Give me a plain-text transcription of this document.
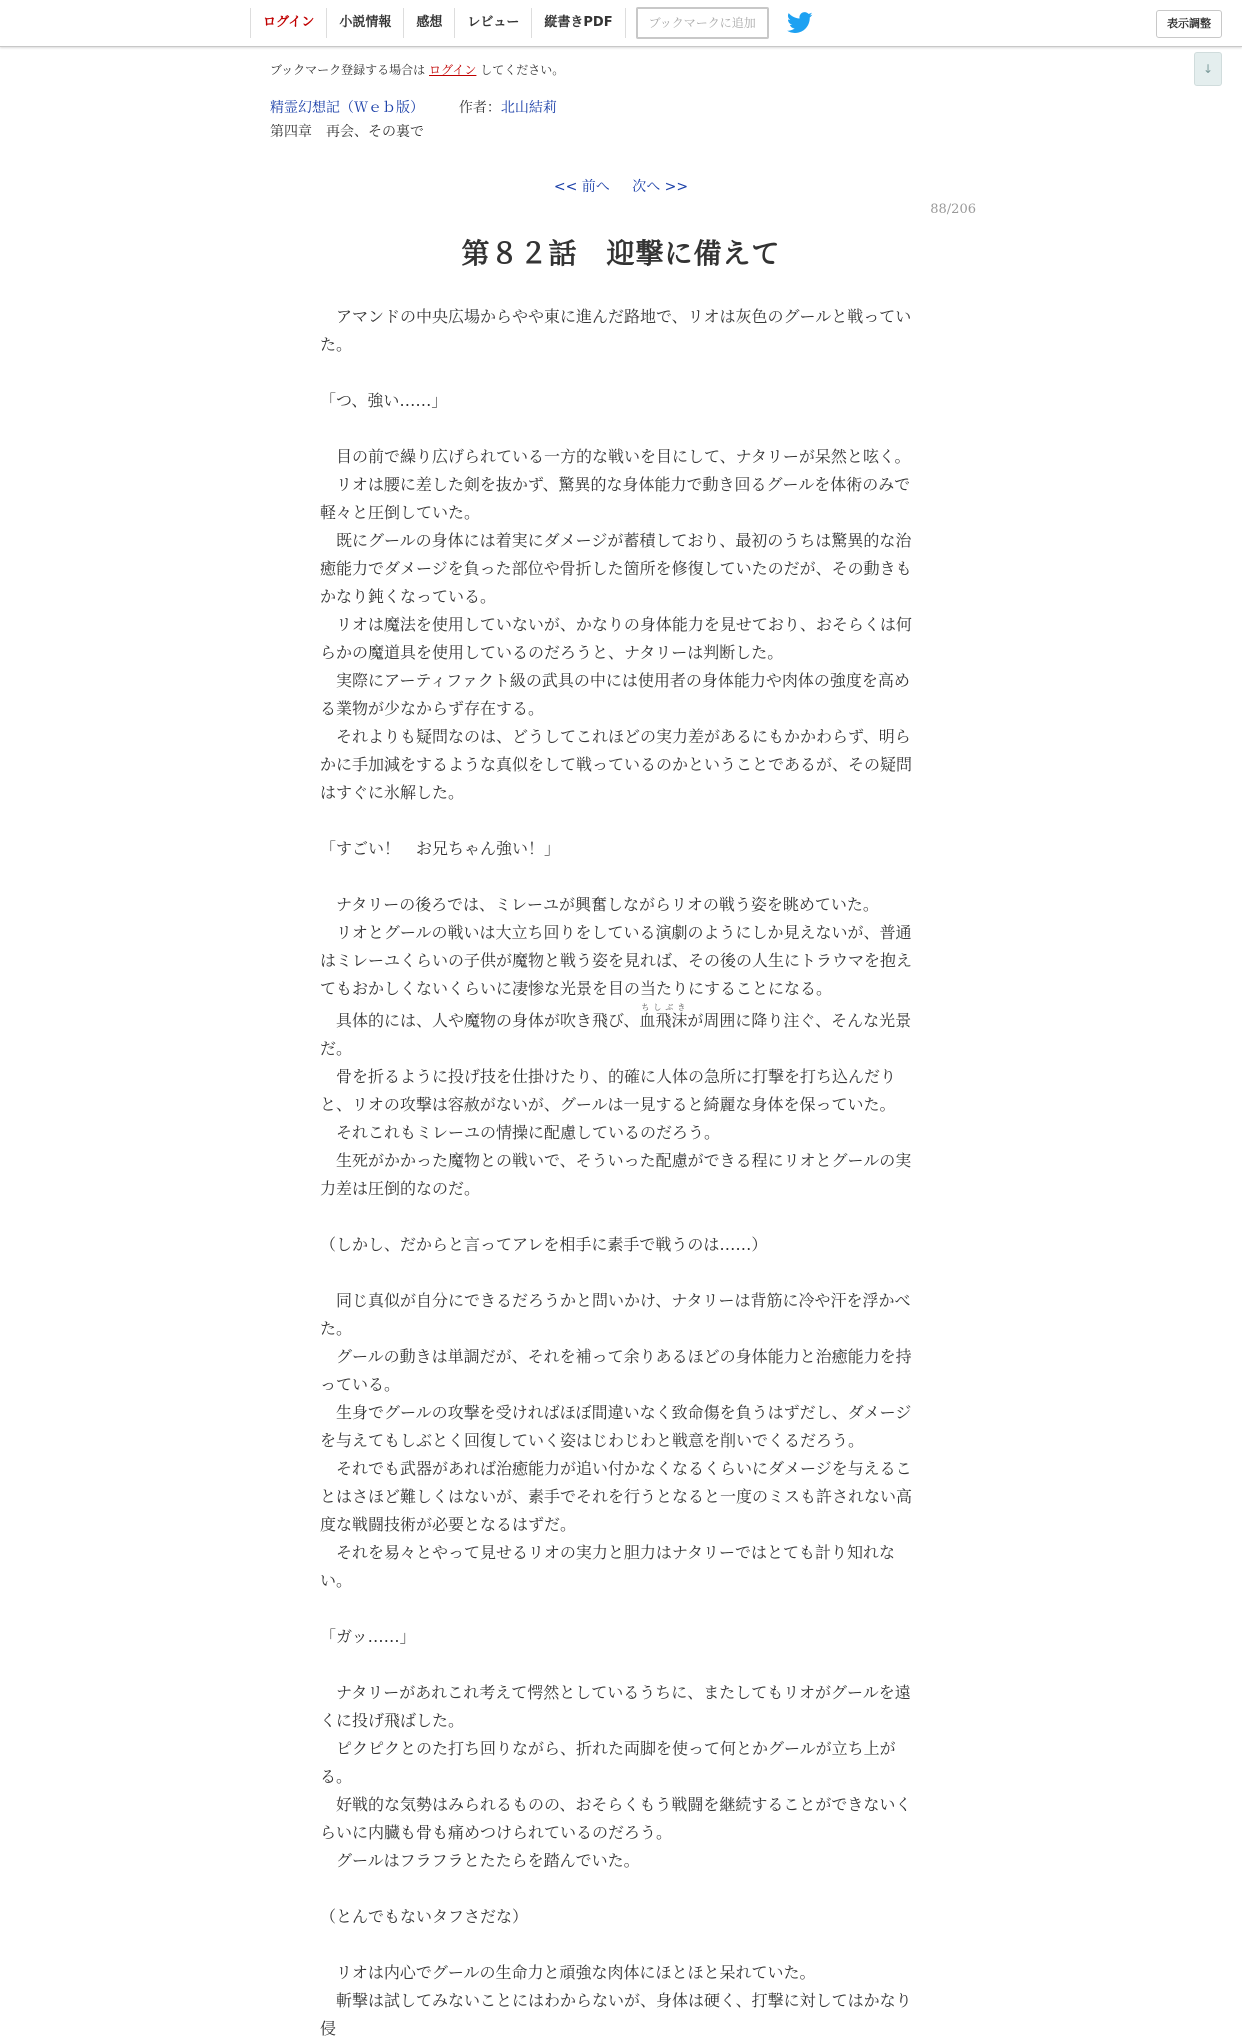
ログイン	小説情報	感想	レビュー	縦書きPDF	ブックマークに追加	表示調整
↓
ブックマーク登録する場合は ログイン してください。
精霊幻想記（Ｗｅｂ版） 作者：北山結莉
第四章　再会、その裏で
<< 前へ 次へ >>
88/206
第８２話　迎撃に備えて

　アマンドの中央広場からやや東に進んだ路地で、リオは灰色のグールと戦っていた。

「つ、強い……」

　目の前で繰り広げられている一方的な戦いを目にして、ナタリーが呆然と呟く。

　リオは腰に差した剣を抜かず、驚異的な身体能力で動き回るグールを体術のみで軽々と圧倒していた。

　既にグールの身体には着実にダメージが蓄積しており、最初のうちは驚異的な治癒能力でダメージを負った部位や骨折した箇所を修復していたのだが、その動きもかなり鈍くなっている。

　リオは魔法を使用していないが、かなりの身体能力を見せており、おそらくは何らかの魔道具を使用しているのだろうと、ナタリーは判断した。

　実際にアーティファクト級の武具の中には使用者の身体能力や肉体の強度を高める業物が少なからず存在する。

　それよりも疑問なのは、どうしてこれほどの実力差があるにもかかわらず、明らかに手加減をするような真似をして戦っているのかということであるが、その疑問はすぐに氷解した。

「すごい！　お兄ちゃん強い！」

　ナタリーの後ろでは、ミレーユが興奮しながらリオの戦う姿を眺めていた。

　リオとグールの戦いは大立ち回りをしている演劇のようにしか見えないが、普通はミレーユくらいの子供が魔物と戦う姿を見れば、その後の人生にトラウマを抱えてもおかしくないくらいに凄惨な光景を目の当たりにすることになる。

　具体的には、人や魔物の身体が吹き飛び、血飛沫ちしぶきが周囲に降り注ぐ、そんな光景だ。

　骨を折るように投げ技を仕掛けたり、的確に人体の急所に打撃を打ち込んだりと、リオの攻撃は容赦がないが、グールは一見すると綺麗な身体を保っていた。

　それこれもミレーユの情操に配慮しているのだろう。

　生死がかかった魔物との戦いで、そういった配慮ができる程にリオとグールの実力差は圧倒的なのだ。

（しかし、だからと言ってアレを相手に素手で戦うのは……）

　同じ真似が自分にできるだろうかと問いかけ、ナタリーは背筋に冷や汗を浮かべた。

　グールの動きは単調だが、それを補って余りあるほどの身体能力と治癒能力を持っている。

　生身でグールの攻撃を受ければほぼ間違いなく致命傷を負うはずだし、ダメージを与えてもしぶとく回復していく姿はじわじわと戦意を削いでくるだろう。

　それでも武器があれば治癒能力が追い付かなくなるくらいにダメージを与えることはさほど難しくはないが、素手でそれを行うとなると一度のミスも許されない高度な戦闘技術が必要となるはずだ。

　それを易々とやって見せるリオの実力と胆力はナタリーではとても計り知れない。

「ガッ……」

　ナタリーがあれこれ考えて愕然としているうちに、またしてもリオがグールを遠くに投げ飛ばした。

　ピクピクとのた打ち回りながら、折れた両脚を使って何とかグールが立ち上がる。

　好戦的な気勢はみられるものの、おそらくもう戦闘を継続することができないくらいに内臓も骨も痛めつけられているのだろう。

　グールはフラフラとたたらを踏んでいた。

（とんでもないタフさだな）

　リオは内心でグールの生命力と頑強な肉体にほとほと呆れていた。

　斬撃は試してみないことにはわからないが、身体は硬く、打撃に対してはかなり侵
